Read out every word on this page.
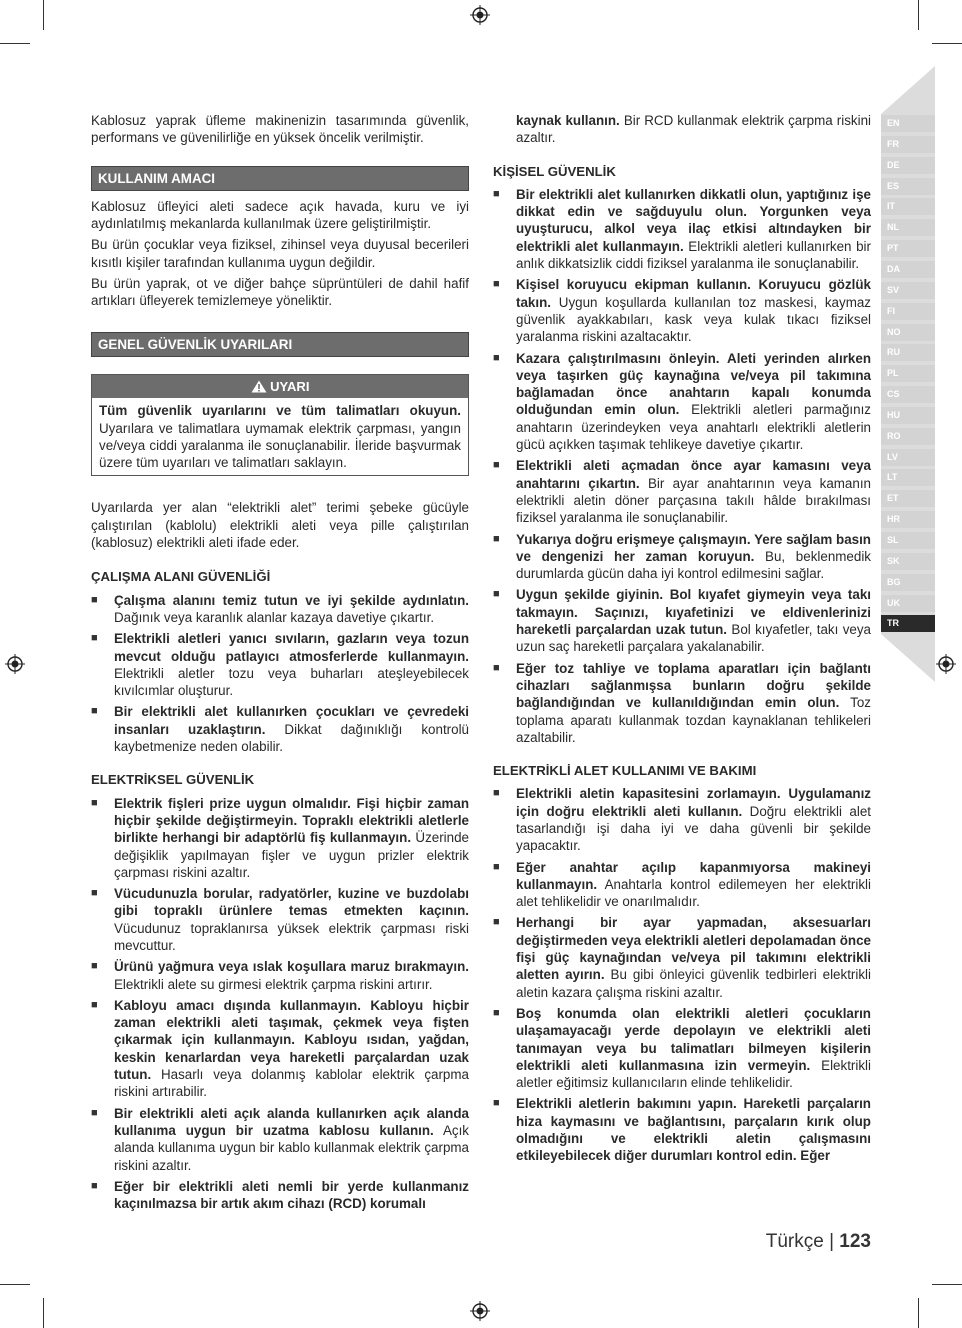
EN
FR
DE
ES
IT
NL
PT
DA
SV
FI
NO
RU
PL
CS
HU
RO
LV
LT
ET
HR
SL
SK
BG
UK
TR

Kablosuz yaprak üfleme makinenizin tasarımında güvenlik, performans ve güvenilirliğe en yüksek öncelik verilmiştir.

KULLANIM AMACI

Kablosuz üfleyici aleti sadece açık havada, kuru ve iyi aydınlatılmış mekanlarda kullanılmak üzere geliştirilmiştir.

Bu ürün çocuklar veya fiziksel, zihinsel veya duyusal becerileri kısıtlı kişiler tarafından kullanıma uygun değildir.

Bu ürün yaprak, ot ve diğer bahçe süprüntüleri de dahil hafif artıkları üfleyerek temizlemeye yöneliktir.

GENEL GÜVENLİK UYARILARI
UYARI
Tüm güvenlik uyarılarını ve tüm talimatları okuyun. Uyarılara ve talimatlara uymamak elektrik çarpması, yangın ve/veya ciddi yaralanma ile sonuçlanabilir. İleride başvurmak üzere tüm uyarıları ve talimatları saklayın.

Uyarılarda yer alan “elektrikli alet” terimi şebeke gücüyle çalıştırılan (kablolu) elektrikli aleti veya pille çalıştırılan (kablosuz) elektrikli aleti ifade eder.

ÇALIŞMA ALANI GÜVENLİĞİ
■ Çalışma alanını temiz tutun ve iyi şekilde aydınlatın. Dağınık veya karanlık alanlar kazaya davetiye çıkartır.
■ Elektrikli aletleri yanıcı sıvıların, gazların veya tozun mevcut olduğu patlayıcı atmosferlerde kullanmayın. Elektrikli aletler tozu veya buharları ateşleyebilecek kıvılcımlar oluşturur.
■ Bir elektrikli alet kullanırken çocukları ve çevredeki insanları uzaklaştırın. Dikkat dağınıklığı kontrolü kaybetmenize neden olabilir.
ELEKTRİKSEL GÜVENLİK
■ Elektrik fişleri prize uygun olmalıdır. Fişi hiçbir zaman hiçbir şekilde değiştirmeyin. Topraklı elektrikli aletlerle birlikte herhangi bir adaptörlü fiş kullanmayın. Üzerinde değişiklik yapılmayan fişler ve uygun prizler elektrik çarpması riskini azaltır.
■ Vücudunuzla borular, radyatörler, kuzine ve buzdolabı gibi topraklı ürünlere temas etmekten kaçının. Vücudunuz topraklanırsa yüksek elektrik çarpması riski mevcuttur.
■ Ürünü yağmura veya ıslak koşullara maruz bırakmayın. Elektrikli alete su girmesi elektrik çarpma riskini artırır.
■ Kabloyu amacı dışında kullanmayın. Kabloyu hiçbir zaman elektrikli aleti taşımak, çekmek veya fişten çıkarmak için kullanmayın. Kabloyu ısıdan, yağdan, keskin kenarlardan veya hareketli parçalardan uzak tutun. Hasarlı veya dolanmış kablolar elektrik çarpma riskini artırabilir.
■ Bir elektrikli aleti açık alanda kullanırken açık alanda kullanıma uygun bir uzatma kablosu kullanın. Açık alanda kullanıma uygun bir kablo kullanmak elektrik çarpma riskini azaltır.
■ Eğer bir elektrikli aleti nemli bir yerde kullanmanız kaçınılmazsa bir artık akım cihazı (RCD) korumalı

kaynak kullanın. Bir RCD kullanmak elektrik çarpma riskini azaltır.

KİŞİSEL GÜVENLİK
■ Bir elektrikli alet kullanırken dikkatli olun, yaptığınız işe dikkat edin ve sağduyulu olun. Yorgunken veya uyuşturucu, alkol veya ilaç etkisi altındayken bir elektrikli alet kullanmayın. Elektrikli aletleri kullanırken bir anlık dikkatsizlik ciddi fiziksel yaralanma ile sonuçlanabilir.
■ Kişisel koruyucu ekipman kullanın. Koruyucu gözlük takın. Uygun koşullarda kullanılan toz maskesi, kaymaz güvenlik ayakkabıları, kask veya kulak tıkacı fiziksel yaralanma riskini azaltacaktır.
■ Kazara çalıştırılmasını önleyin. Aleti yerinden alırken veya taşırken güç kaynağına ve/veya pil takımına bağlamadan önce anahtarın kapalı konumda olduğundan emin olun. Elektrikli aletleri parmağınız anahtarın üzerindeyken veya anahtarlı elektrikli aletlerin gücü açıkken taşımak tehlikeye davetiye çıkartır.
■ Elektrikli aleti açmadan önce ayar kamasını veya anahtarını çıkartın. Bir ayar anahtarının veya kamanın elektrikli aletin döner parçasına takılı hâlde bırakılması fiziksel yaralanma ile sonuçlanabilir.
■ Yukarıya doğru erişmeye çalışmayın. Yere sağlam basın ve dengenizi her zaman koruyun. Bu, beklenmedik durumlarda gücün daha iyi kontrol edilmesini sağlar.
■ Uygun şekilde giyinin. Bol kıyafet giymeyin veya takı takmayın. Saçınızı, kıyafetinizi ve eldivenlerinizi hareketli parçalardan uzak tutun. Bol kıyafetler, takı veya uzun saç hareketli parçalara yakalanabilir.
■ Eğer toz tahliye ve toplama aparatları için bağlantı cihazları sağlanmışsa bunların doğru şekilde bağlandığından ve kullanıldığından emin olun. Toz toplama aparatı kullanmak tozdan kaynaklanan tehlikeleri azaltabilir.
ELEKTRİKLİ ALET KULLANIMI VE BAKIMI
■ Elektrikli aletin kapasitesini zorlamayın. Uygulamanız için doğru elektrikli aleti kullanın. Doğru elektrikli alet tasarlandığı işi daha iyi ve daha güvenli bir şekilde yapacaktır.
■ Eğer anahtar açılıp kapanmıyorsa makineyi kullanmayın. Anahtarla kontrol edilemeyen her elektrikli alet tehlikelidir ve onarılmalıdır.
■ Herhangi bir ayar yapmadan, aksesuarları değiştirmeden veya elektrikli aletleri depolamadan önce fişi güç kaynağından ve/veya pil takımını elektrikli aletten ayırın. Bu gibi önleyici güvenlik tedbirleri elektrikli aletin kazara çalışma riskini azaltır.
■ Boş konumda olan elektrikli aletleri çocukların ulaşamayacağı yerde depolayın ve elektrikli aleti tanımayan veya bu talimatları bilmeyen kişilerin elektrikli aleti kullanmasına izin vermeyin. Elektrikli aletler eğitimsiz kullanıcıların elinde tehlikelidir.
■ Elektrikli aletlerin bakımını yapın. Hareketli parçaların hiza kaymasını ve bağlantısını, parçaların kırık olup olmadığını ve elektrikli aletin çalışmasını etkileyebilecek diğer durumları kontrol edin. Eğer
Türkçe | 123
